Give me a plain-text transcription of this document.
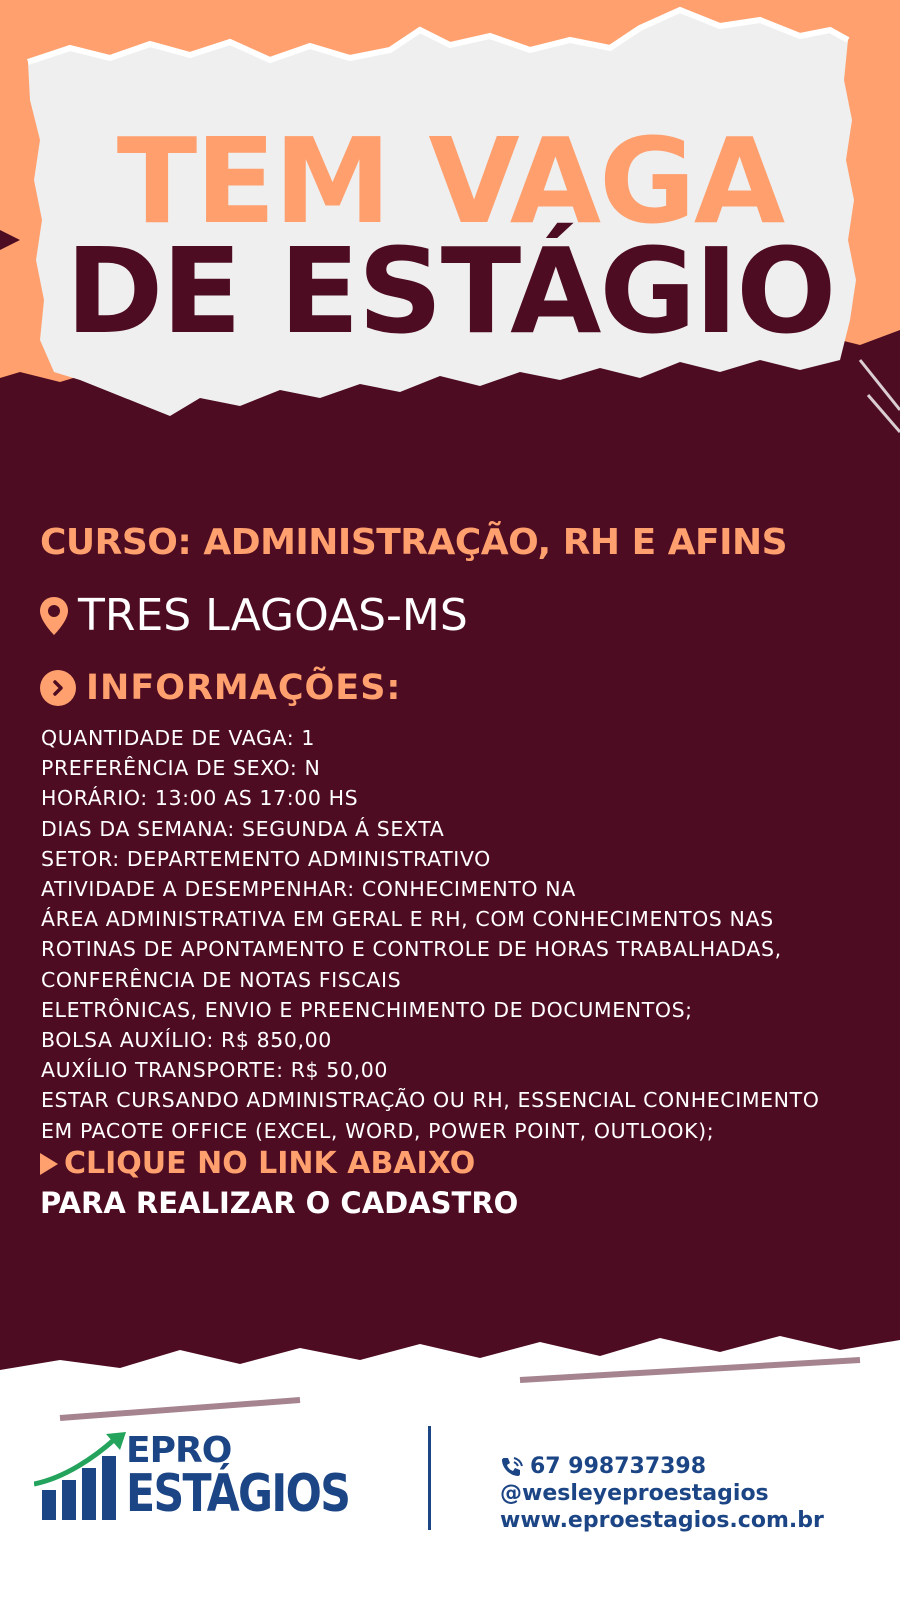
TEM VAGA
DE ESTÁGIO
CURSO: ADMINISTRAÇÃO, RH E AFINS
TRES LAGOAS-MS
INFORMAÇÕES:
QUANTIDADE DE VAGA: 1
PREFERÊNCIA DE SEXO: N
HORÁRIO: 13:00 AS 17:00 HS
DIAS DA SEMANA: SEGUNDA Á SEXTA
SETOR: DEPARTEMENTO ADMINISTRATIVO
ATIVIDADE A DESEMPENHAR: CONHECIMENTO NA
ÁREA ADMINISTRATIVA EM GERAL E RH, COM CONHECIMENTOS NAS
ROTINAS DE APONTAMENTO E CONTROLE DE HORAS TRABALHADAS,
CONFERÊNCIA DE NOTAS FISCAIS
ELETRÔNICAS, ENVIO E PREENCHIMENTO DE DOCUMENTOS;
BOLSA AUXÍLIO: R$ 850,00
AUXÍLIO TRANSPORTE: R$ 50,00
ESTAR CURSANDO ADMINISTRAÇÃO OU RH, ESSENCIAL CONHECIMENTO
EM PACOTE OFFICE (EXCEL, WORD, POWER POINT, OUTLOOK);
CLIQUE NO LINK ABAIXO
PARA REALIZAR O CADASTRO
EPRO
ESTÁGIOS	67 998737398
@wesleyeproestagios
www.eproestagios.com.br
